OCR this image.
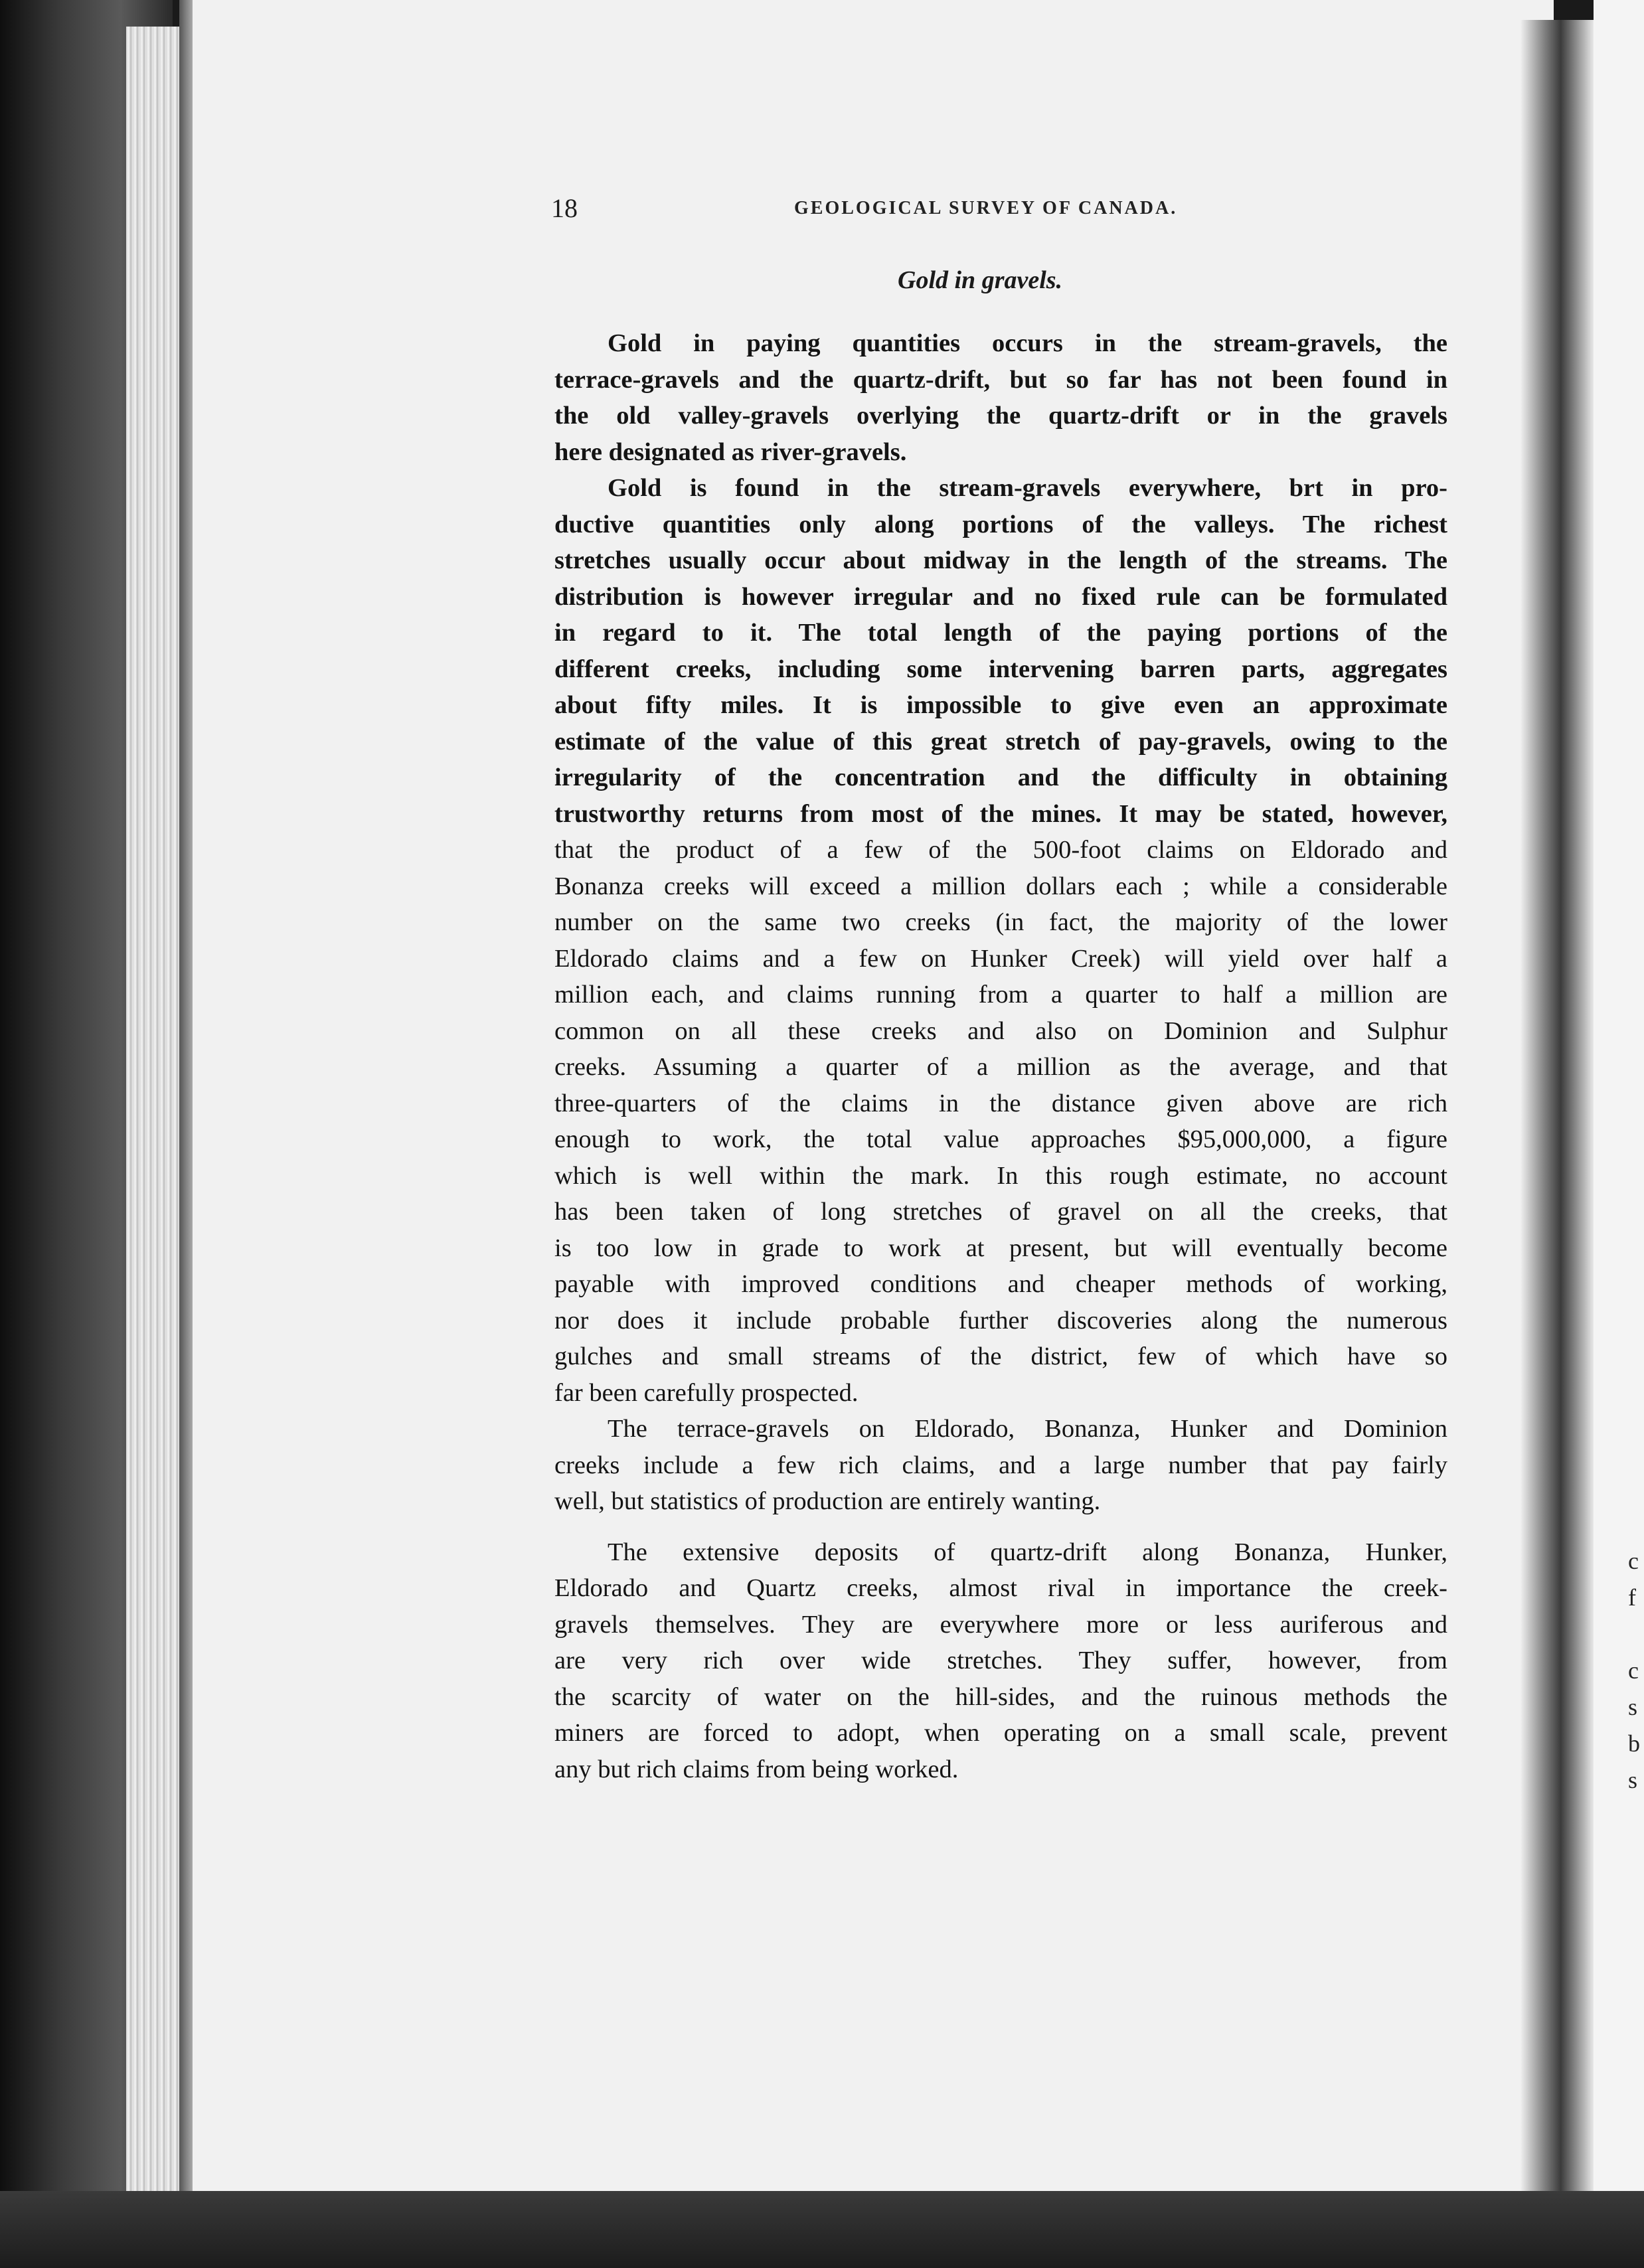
18	GEOLOGICAL SURVEY OF CANADA.
Gold in gravels.
Gold in paying quantities occurs in the stream-gravels, the
terrace-gravels and the quartz-drift, but so far has not been found in
the old valley-gravels overlying the quartz-drift or in the gravels
here designated as river-gravels.
Gold is found in the stream-gravels everywhere, brt in pro-
ductive quantities only along portions of the valleys. The richest
stretches usually occur about midway in the length of the streams. The
distribution is however irregular and no fixed rule can be formulated
in regard to it. The total length of the paying portions of the
different creeks, including some intervening barren parts, aggregates
about fifty miles. It is impossible to give even an approximate
estimate of the value of this great stretch of pay-gravels, owing to the
irregularity of the concentration and the difficulty in obtaining
trustworthy returns from most of the mines. It may be stated, however,
that the product of a few of the 500-foot claims on Eldorado and
Bonanza creeks will exceed a million dollars each ; while a considerable
number on the same two creeks (in fact, the majority of the lower
Eldorado claims and a few on Hunker Creek) will yield over half a
million each, and claims running from a quarter to half a million are
common on all these creeks and also on Dominion and Sulphur
creeks. Assuming a quarter of a million as the average, and that
three-quarters of the claims in the distance given above are rich
enough to work, the total value approaches $95,000,000, a figure
which is well within the mark. In this rough estimate, no account
has been taken of long stretches of gravel on all the creeks, that
is too low in grade to work at present, but will eventually become
payable with improved conditions and cheaper methods of working,
nor does it include probable further discoveries along the numerous
gulches and small streams of the district, few of which have so
far been carefully prospected.
The terrace-gravels on Eldorado, Bonanza, Hunker and Dominion
creeks include a few rich claims, and a large number that pay fairly
well, but statistics of production are entirely wanting.
The extensive deposits of quartz-drift along Bonanza, Hunker,
Eldorado and Quartz creeks, almost rival in importance the creek-
gravels themselves. They are everywhere more or less auriferous and
are very rich over wide stretches. They suffer, however, from
the scarcity of water on the hill-sides, and the ruinous methods the
miners are forced to adopt, when operating on a small scale, prevent
any but rich claims from being worked.
c
f
c
s
b
s
